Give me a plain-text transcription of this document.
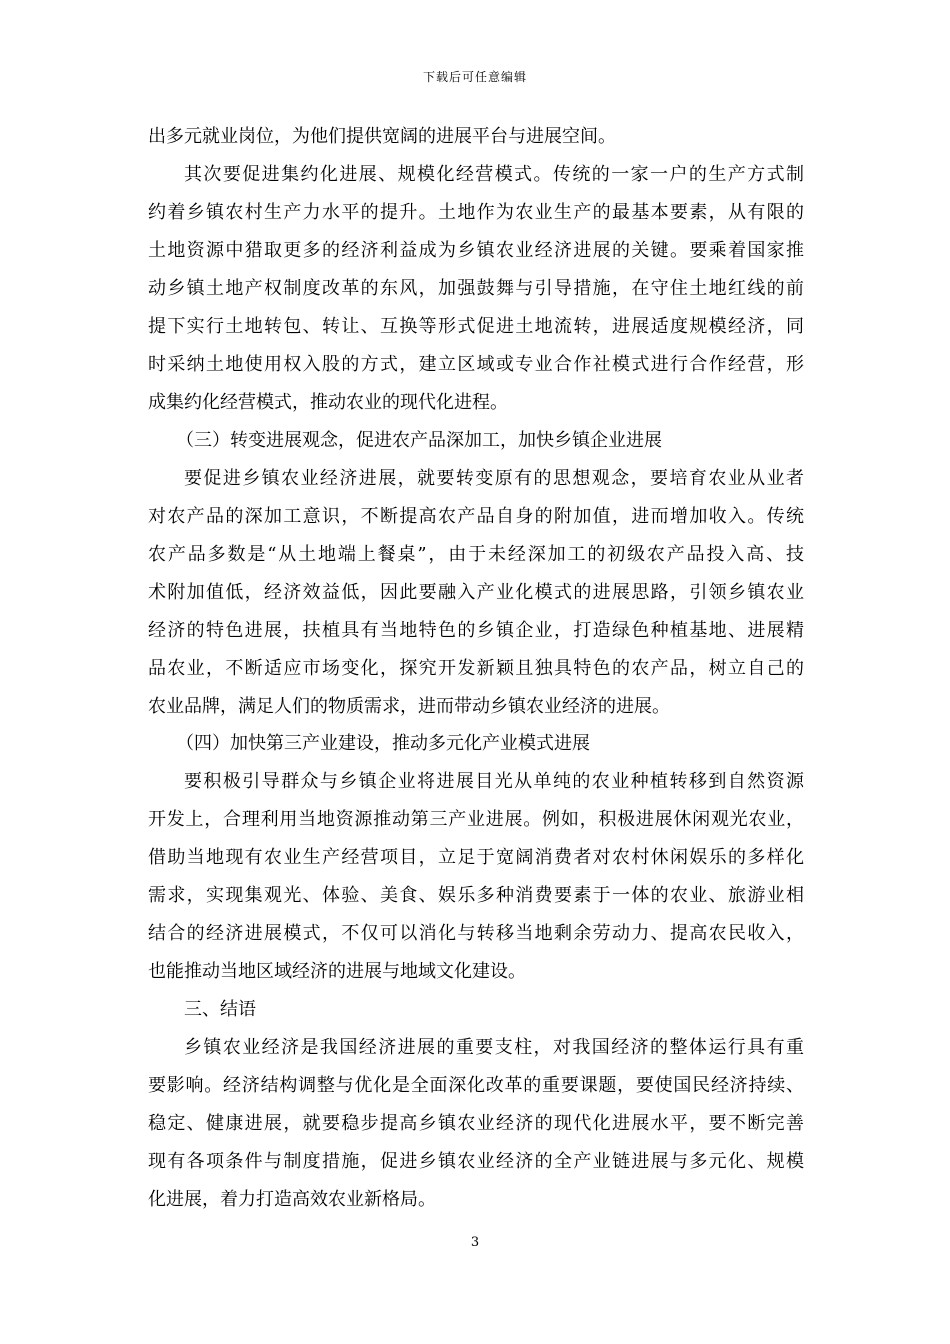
下载后可任意编辑
出多元就业岗位，为他们提供宽阔的进展平台与进展空间。
其次要促进集约化进展、规模化经营模式。传统的一家一户的生产方式制
约着乡镇农村生产力水平的提升。土地作为农业生产的最基本要素，从有限的
土地资源中猎取更多的经济利益成为乡镇农业经济进展的关键。要乘着国家推
动乡镇土地产权制度改革的东风，加强鼓舞与引导措施，在守住土地红线的前
提下实行土地转包、转让、互换等形式促进土地流转，进展适度规模经济，同
时采纳土地使用权入股的方式，建立区域或专业合作社模式进行合作经营，形
成集约化经营模式，推动农业的现代化进程。
（三）转变进展观念，促进农产品深加工，加快乡镇企业进展
要促进乡镇农业经济进展，就要转变原有的思想观念，要培育农业从业者
对农产品的深加工意识，不断提高农产品自身的附加值，进而增加收入。传统
农产品多数是“从土地端上餐桌”，由于未经深加工的初级农产品投入高、技
术附加值低，经济效益低，因此要融入产业化模式的进展思路，引领乡镇农业
经济的特色进展，扶植具有当地特色的乡镇企业，打造绿色种植基地、进展精
品农业，不断适应市场变化，探究开发新颖且独具特色的农产品，树立自己的
农业品牌，满足人们的物质需求，进而带动乡镇农业经济的进展。
（四）加快第三产业建设，推动多元化产业模式进展
要积极引导群众与乡镇企业将进展目光从单纯的农业种植转移到自然资源
开发上，合理利用当地资源推动第三产业进展。例如，积极进展休闲观光农业，
借助当地现有农业生产经营项目，立足于宽阔消费者对农村休闲娱乐的多样化
需求，实现集观光、体验、美食、娱乐多种消费要素于一体的农业、旅游业相
结合的经济进展模式，不仅可以消化与转移当地剩余劳动力、提高农民收入，
也能推动当地区域经济的进展与地域文化建设。
三、结语
乡镇农业经济是我国经济进展的重要支柱，对我国经济的整体运行具有重
要影响。经济结构调整与优化是全面深化改革的重要课题，要使国民经济持续、
稳定、健康进展，就要稳步提高乡镇农业经济的现代化进展水平，要不断完善
现有各项条件与制度措施，促进乡镇农业经济的全产业链进展与多元化、规模
化进展，着力打造高效农业新格局。
3
